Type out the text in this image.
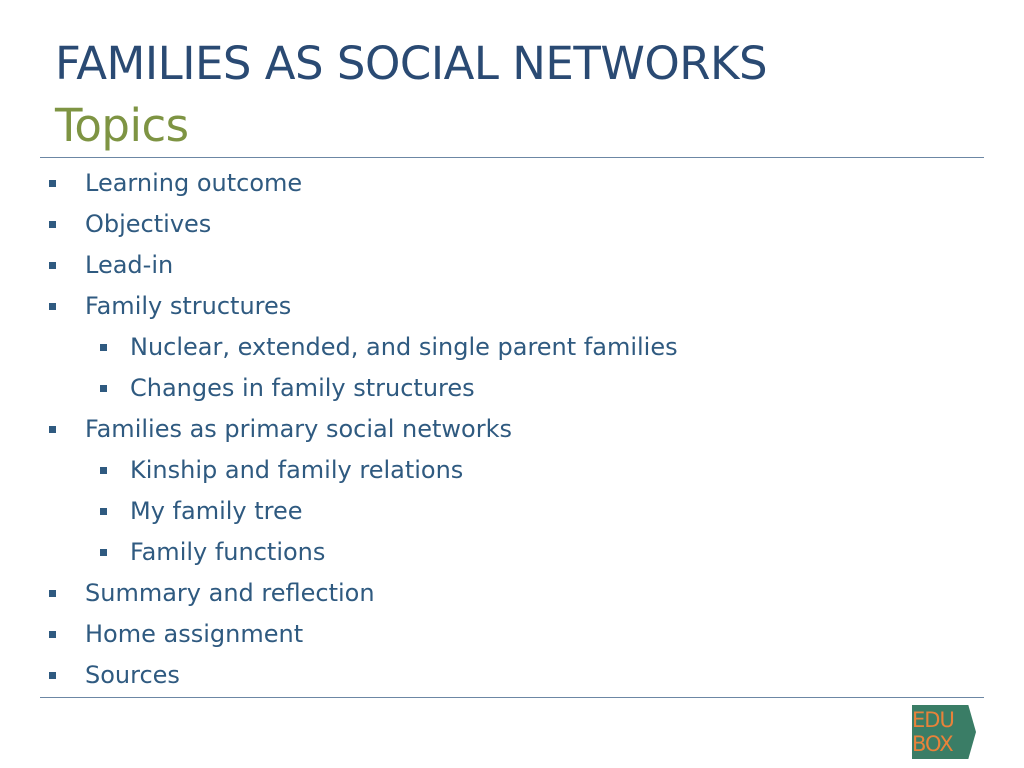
FAMILIES AS SOCIAL NETWORKS
Topics
Learning outcome
Objectives
Lead-in
Family structures
Nuclear, extended, and single parent families
Changes in family structures
Families as primary social networks
Kinship and family relations
My family tree
Family functions
Summary and reflection
Home assignment
Sources
EDU
BOX
